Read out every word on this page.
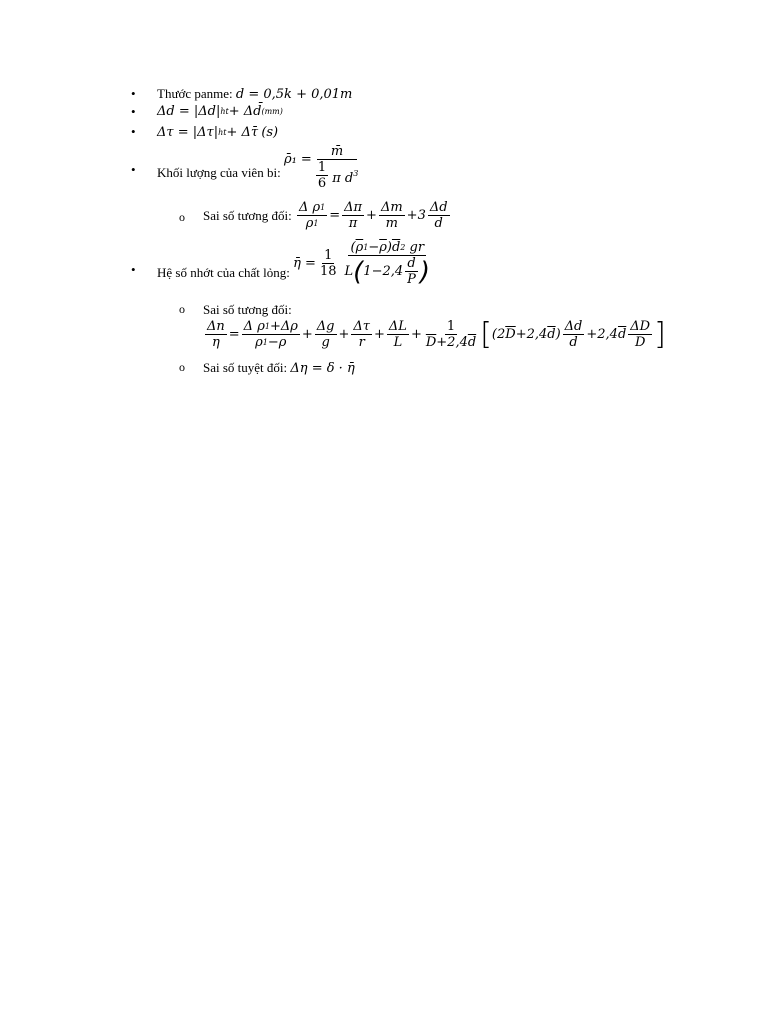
• Thước panme:
d = 0,5k + 0,01m
• Δd = |Δd| ht + Δd̄ (mm)
• Δτ = |Δτ| ht + Δτ̄
(s)
• Khối lượng của viên bi:

ρ̄₁ = $\frac{m̄}{\frac{1}{6} \pi d^3}$
o Sai số tương đối:
$\frac{\text{Δ ρ 1}}{\overline{\rho} 1} = \frac{\Delta\pi}{\pi} + \frac{\Delta m}{m} +3 \frac{\Delta d}{d}$
• Hệ số nhớt của chất lỏng:

η̄ = $\frac{1}{18} \frac{( \overline{\rho} 1 - \overline{\rho} ) \overline{d} 2 gr}{L ( 1-2,4 \frac{\overline{d}}{P} )}$
o Sai số tương đối:
$\frac{\Delta n}{\eta} = \frac{\text{Δ ρ 1 +Δρ}}{\overline{\rho} 1 - \overline{\rho}} + \frac{\Delta g}{g} + \frac{\Delta\tau}{r} + \frac{\Delta L}{L} + \frac{1}{\overline{D} +2,4 \overline{d}}$ [ $(2\overline{D}+2,4\overline{d}) \frac{\Delta d}{d} +2,4\overline{d} \frac{\Delta D}{D}$ ]
o Sai số tuyệt đối:
Δη = δ · η̄
